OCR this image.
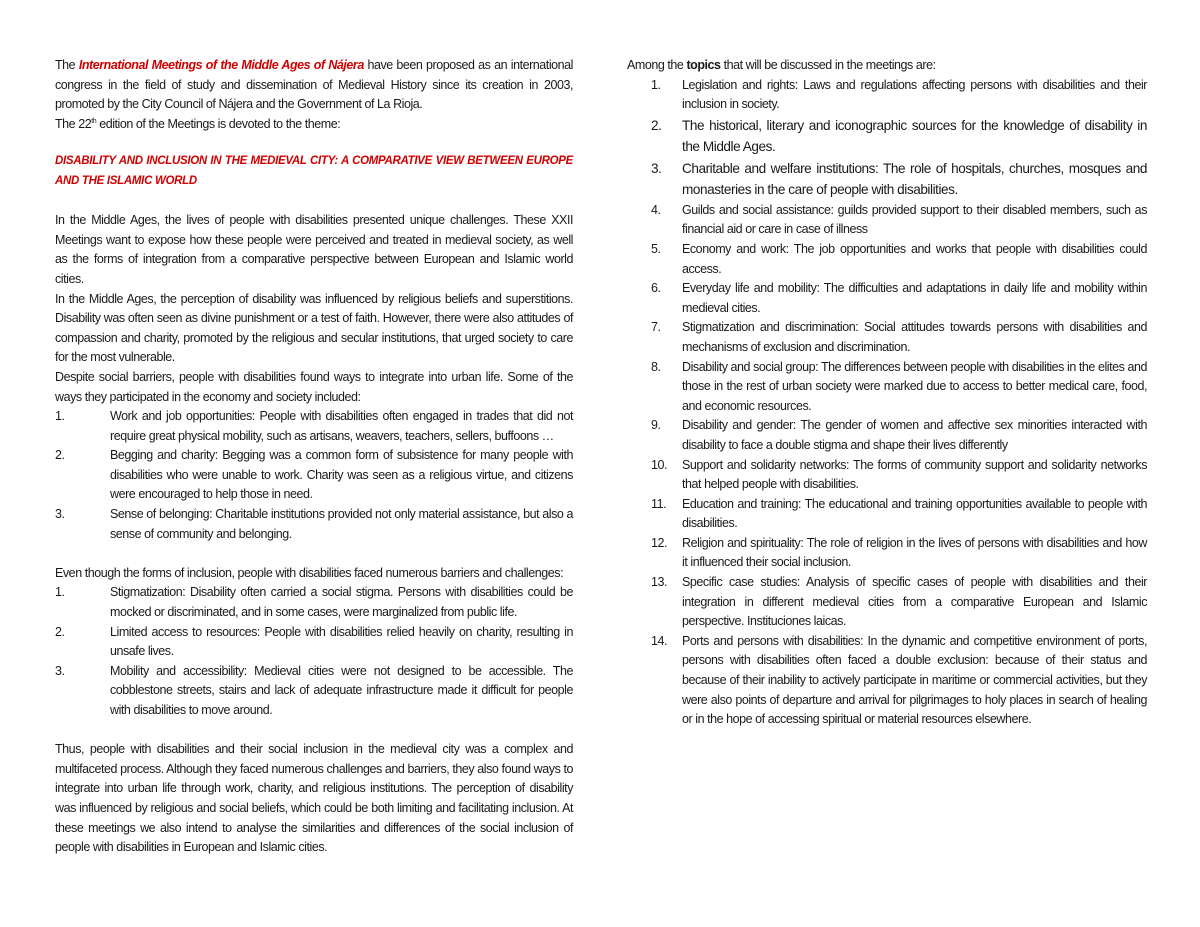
The International Meetings of the Middle Ages of Nájera have been proposed as an international congress in the field of study and dissemination of Medieval History since its creation in 2003, promoted by the City Council of Nájera and the Government of La Rioja.

The 22th edition of the Meetings is devoted to the theme:

DISABILITY AND INCLUSION IN THE MEDIEVAL CITY: A COMPARATIVE VIEW BETWEEN EUROPE AND THE ISLAMIC WORLD

In the Middle Ages, the lives of people with disabilities presented unique challenges. These XXII Meetings want to expose how these people were perceived and treated in medieval society, as well as the forms of integration from a comparative perspective between European and Islamic world cities.

In the Middle Ages, the perception of disability was influenced by religious beliefs and superstitions. Disability was often seen as divine punishment or a test of faith. However, there were also attitudes of compassion and charity, promoted by the religious and secular institutions, that urged society to care for the most vulnerable.

Despite social barriers, people with disabilities found ways to integrate into urban life. Some of the ways they participated in the economy and society included:

1.	Work and job opportunities: People with disabilities often engaged in trades that did not require great physical mobility, such as artisans, weavers, teachers, sellers, buffoons …
2.	Begging and charity: Begging was a common form of subsistence for many people with disabilities who were unable to work. Charity was seen as a religious virtue, and citizens were encouraged to help those in need.
3.	Sense of belonging: Charitable institutions provided not only material assistance, but also a sense of community and belonging.

Even though the forms of inclusion, people with disabilities faced numerous barriers and challenges:

1.	Stigmatization: Disability often carried a social stigma. Persons with disabilities could be mocked or discriminated, and in some cases, were marginalized from public life.
2.	Limited access to resources: People with disabilities relied heavily on charity, resulting in unsafe lives.
3.	Mobility and accessibility: Medieval cities were not designed to be accessible. The cobblestone streets, stairs and lack of adequate infrastructure made it difficult for people with disabilities to move around.

Thus, people with disabilities and their social inclusion in the medieval city was a complex and multifaceted process. Although they faced numerous challenges and barriers, they also found ways to integrate into urban life through work, charity, and religious institutions. The perception of disability was influenced by religious and social beliefs, which could be both limiting and facilitating inclusion. At these meetings we also intend to analyse the similarities and differences of the social inclusion of people with disabilities in European and Islamic cities.

Among the topics that will be discussed in the meetings are:

1. Legislation and rights: Laws and regulations affecting persons with disabilities and their inclusion in society.
2. The historical, literary and iconographic sources for the knowledge of disability in the Middle Ages.
3. Charitable and welfare institutions: The role of hospitals, churches, mosques and monasteries in the care of people with disabilities.
4. Guilds and social assistance: guilds provided support to their disabled members, such as financial aid or care in case of illness
5. Economy and work: The job opportunities and works that people with disabilities could access.
6. Everyday life and mobility: The difficulties and adaptations in daily life and mobility within medieval cities.
7. Stigmatization and discrimination: Social attitudes towards persons with disabilities and mechanisms of exclusion and discrimination.
8. Disability and social group: The differences between people with disabilities in the elites and those in the rest of urban society were marked due to access to better medical care, food, and economic resources.
9. Disability and gender: The gender of women and affective sex minorities interacted with disability to face a double stigma and shape their lives differently
10. Support and solidarity networks: The forms of community support and solidarity networks that helped people with disabilities.
11. Education and training: The educational and training opportunities available to people with disabilities.
12. Religion and spirituality: The role of religion in the lives of persons with disabilities and how it influenced their social inclusion.
13. Specific case studies: Analysis of specific cases of people with disabilities and their integration in different medieval cities from a comparative European and Islamic perspective. Instituciones laicas.
14. Ports and persons with disabilities: In the dynamic and competitive environment of ports, persons with disabilities often faced a double exclusion: because of their status and because of their inability to actively participate in maritime or commercial activities, but they were also points of departure and arrival for pilgrimages to holy places in search of healing or in the hope of accessing spiritual or material resources elsewhere.
